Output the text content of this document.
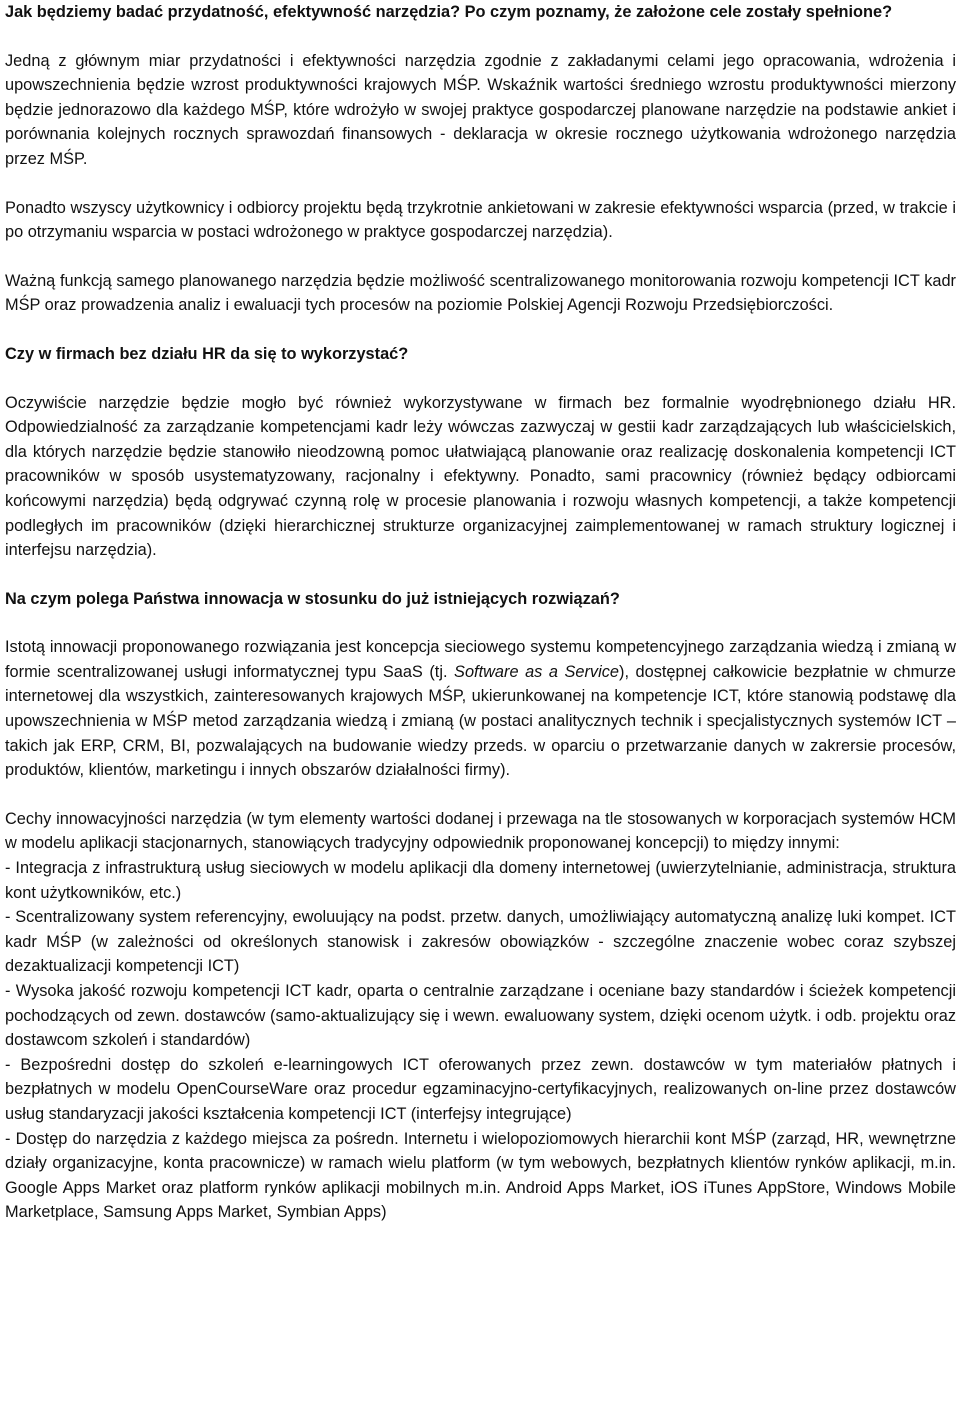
Jak będziemy badać przydatność, efektywność narzędzia? Po czym poznamy, że założone cele zostały spełnione?

Jedną z głównym miar przydatności i efektywności narzędzia zgodnie z zakładanymi celami jego opracowania, wdrożenia i upowszechnienia będzie wzrost produktywności krajowych MŚP. Wskaźnik wartości średniego wzrostu produktywności mierzony będzie jednorazowo dla każdego MŚP, które wdrożyło w swojej praktyce gospodarczej planowane narzędzie na podstawie ankiet i porównania kolejnych rocznych sprawozdań finansowych - deklaracja w okresie rocznego użytkowania wdrożonego narzędzia przez MŚP.

Ponadto wszyscy użytkownicy i odbiorcy projektu będą trzykrotnie ankietowani w zakresie efektywności wsparcia (przed, w trakcie i po otrzymaniu wsparcia w postaci wdrożonego w praktyce gospodarczej narzędzia).

Ważną funkcją samego planowanego narzędzia będzie możliwość scentralizowanego monitorowania rozwoju kompetencji ICT kadr MŚP oraz prowadzenia analiz i ewaluacji tych procesów na poziomie Polskiej Agencji Rozwoju Przedsiębiorczości.

Czy w firmach bez działu HR da się to wykorzystać?

Oczywiście narzędzie będzie mogło być również wykorzystywane w firmach bez formalnie wyodrębnionego działu HR. Odpowiedzialność za zarządzanie kompetencjami kadr leży wówczas zazwyczaj w gestii kadr zarządzających lub właścicielskich, dla których narzędzie będzie stanowiło nieodzowną pomoc ułatwiającą planowanie oraz realizację doskonalenia kompetencji ICT pracowników w sposób usystematyzowany, racjonalny i efektywny. Ponadto, sami pracownicy (również będący odbiorcami końcowymi narzędzia) będą odgrywać czynną rolę w procesie planowania i rozwoju własnych kompetencji, a także kompetencji podległych im pracowników (dzięki hierarchicznej strukturze organizacyjnej zaimplementowanej w ramach struktury logicznej i interfejsu narzędzia).

Na czym polega Państwa innowacja w stosunku do już istniejących rozwiązań?

Istotą innowacji proponowanego rozwiązania jest koncepcja sieciowego systemu kompetencyjnego zarządzania wiedzą i zmianą w formie scentralizowanej usługi informatycznej typu SaaS (tj. Software as a Service), dostępnej całkowicie bezpłatnie w chmurze internetowej dla wszystkich, zainteresowanych krajowych MŚP, ukierunkowanej na kompetencje ICT, które stanowią podstawę dla upowszechnienia w MŚP metod zarządzania wiedzą i zmianą (w postaci analitycznych technik i specjalistycznych systemów ICT – takich jak ERP, CRM, BI, pozwalających na budowanie wiedzy przeds. w oparciu o przetwarzanie danych w zakrersie procesów, produktów, klientów, marketingu i innych obszarów działalności firmy).

Cechy innowacyjności narzędzia (w tym elementy wartości dodanej i przewaga na tle stosowanych w korporacjach systemów HCM w modelu aplikacji stacjonarnych, stanowiących tradycyjny odpowiednik proponowanej koncepcji) to między innymi:

- Integracja z infrastrukturą usług sieciowych w modelu aplikacji dla domeny internetowej (uwierzytelnianie, administracja, struktura kont użytkowników, etc.)

- Scentralizowany system referencyjny, ewoluujący na podst. przetw. danych, umożliwiający automatyczną analizę luki kompet. ICT kadr MŚP (w zależności od określonych stanowisk i zakresów obowiązków - szczególne znaczenie wobec coraz szybszej dezaktualizacji kompetencji ICT)

- Wysoka jakość rozwoju kompetencji ICT kadr, oparta o centralnie zarządzane i oceniane bazy standardów i ścieżek kompetencji pochodzących od zewn. dostawców (samo-aktualizujący się i wewn. ewaluowany system, dzięki ocenom użytk. i odb. projektu oraz dostawcom szkoleń i standardów)

- Bezpośredni dostęp do szkoleń e-learningowych ICT oferowanych przez zewn. dostawców w tym materiałów płatnych i bezpłatnych w modelu OpenCourseWare oraz procedur egzaminacyjno-certyfikacyjnych, realizowanych on-line przez dostawców usług standaryzacji jakości kształcenia kompetencji ICT (interfejsy integrujące)

- Dostęp do narzędzia z każdego miejsca za pośredn. Internetu i wielopoziomowych hierarchii kont MŚP (zarząd, HR, wewnętrzne działy organizacyjne, konta pracownicze) w ramach wielu platform (w tym webowych, bezpłatnych klientów rynków aplikacji, m.in. Google Apps Market oraz platform rynków aplikacji mobilnych m.in. Android Apps Market, iOS iTunes AppStore, Windows Mobile Marketplace, Samsung Apps Market, Symbian Apps)
